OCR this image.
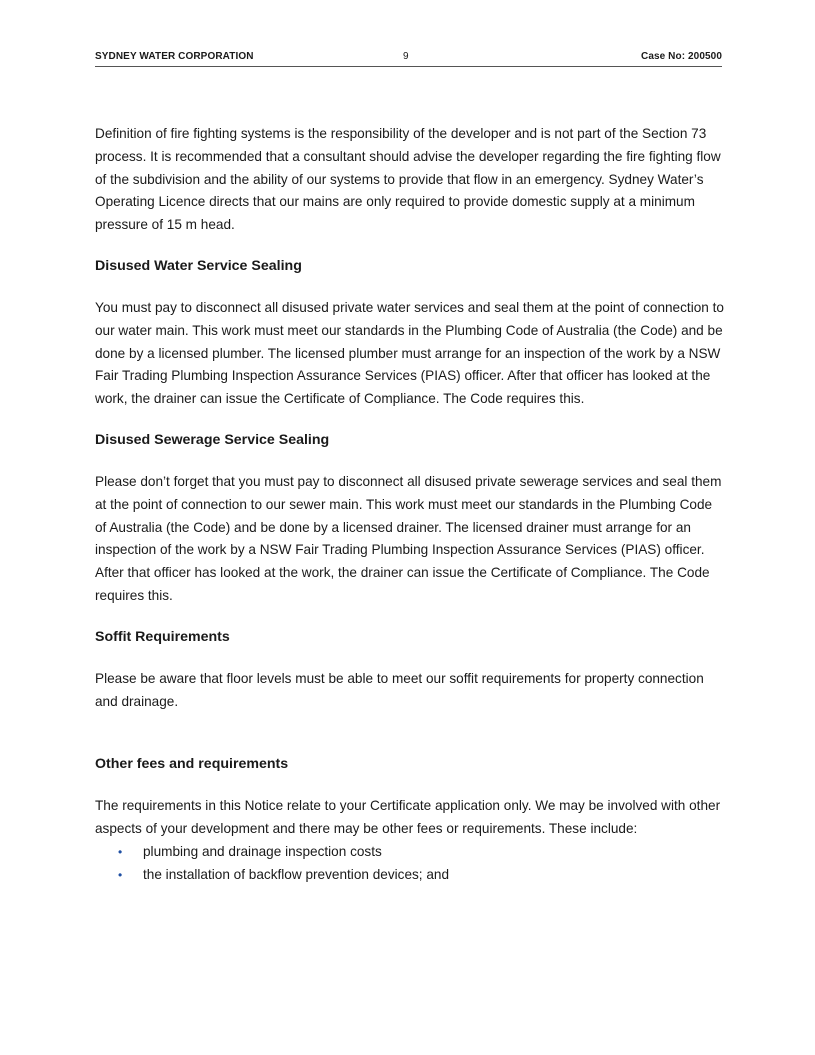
SYDNEY WATER CORPORATION	9	Case No: 200500

Definition of fire fighting systems is the responsibility of the developer and is not part of the Section 73 process. It is recommended that a consultant should advise the developer regarding the fire fighting flow of the subdivision and the ability of our systems to provide that flow in an emergency. Sydney Water’s Operating Licence directs that our mains are only required to provide domestic supply at a minimum pressure of 15 m head.

Disused Water Service Sealing

You must pay to disconnect all disused private water services and seal them at the point of connection to our water main. This work must meet our standards in the Plumbing Code of Australia (the Code) and be done by a licensed plumber. The licensed plumber must arrange for an inspection of the work by a NSW Fair Trading Plumbing Inspection Assurance Services (PIAS) officer. After that officer has looked at the work, the drainer can issue the Certificate of Compliance. The Code requires this.

Disused Sewerage Service Sealing

Please don’t forget that you must pay to disconnect all disused private sewerage services and seal them at the point of connection to our sewer main. This work must meet our standards in the Plumbing Code of Australia (the Code) and be done by a licensed drainer. The licensed drainer must arrange for an inspection of the work by a NSW Fair Trading Plumbing Inspection Assurance Services (PIAS) officer. After that officer has looked at the work, the drainer can issue the Certificate of Compliance. The Code requires this.

Soffit Requirements

Please be aware that floor levels must be able to meet our soffit requirements for property connection and drainage.

Other fees and requirements

The requirements in this Notice relate to your Certificate application only. We may be involved with other aspects of your development and there may be other fees or requirements. These include:

• plumbing and drainage inspection costs
• the installation of backflow prevention devices; and
